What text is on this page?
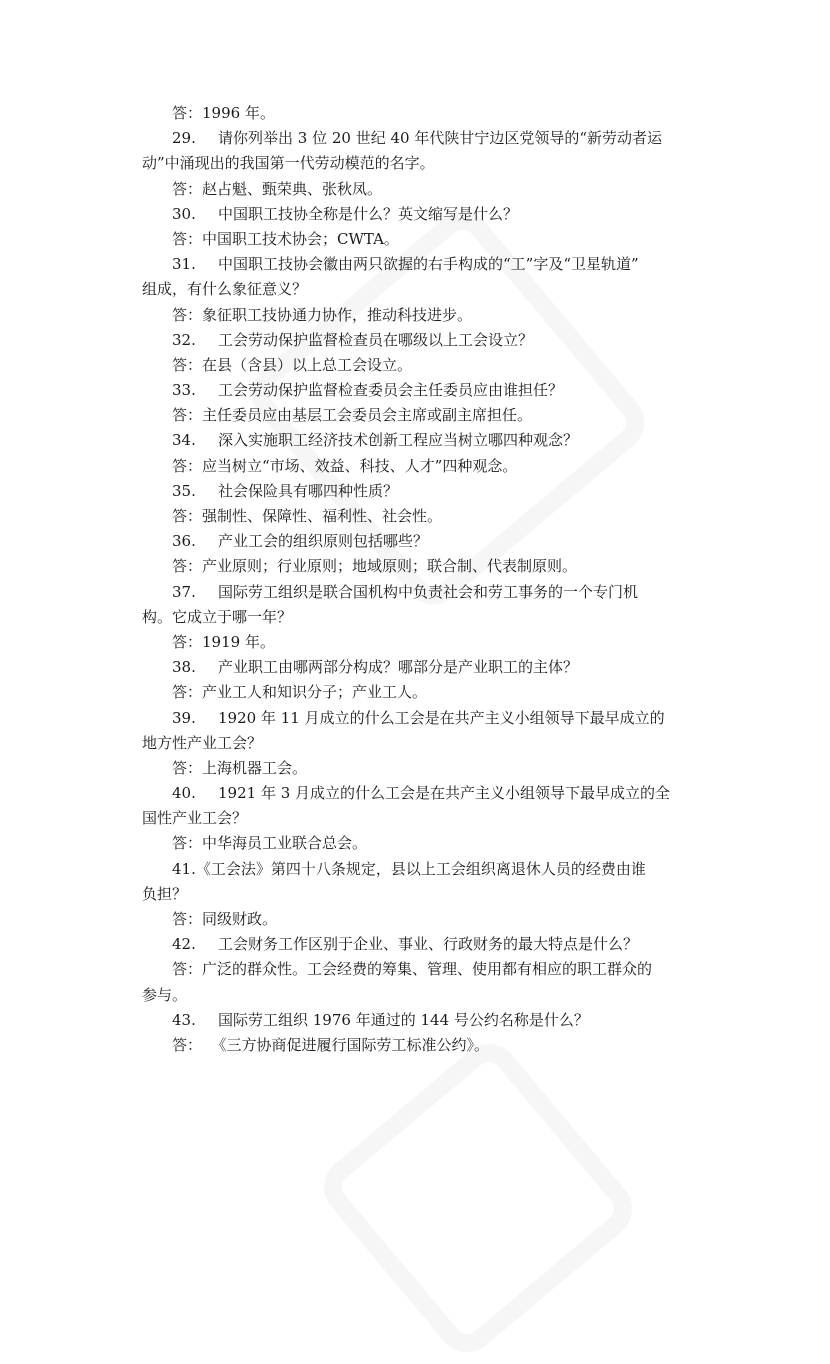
答：1996 年。
29. 请你列举出 3 位 20 世纪 40 年代陕甘宁边区党领导的“新劳动者运
动”中涌现出的我国第一代劳动模范的名字。
答：赵占魁、甄荣典、张秋凤。
30. 中国职工技协全称是什么？英文缩写是什么？
答：中国职工技术协会；CWTA。
31. 中国职工技协会徽由两只欲握的右手构成的“工”字及“卫星轨道”
组成，有什么象征意义？
答：象征职工技协通力协作，推动科技进步。
32. 工会劳动保护监督检查员在哪级以上工会设立？
答：在县（含县）以上总工会设立。
33. 工会劳动保护监督检查委员会主任委员应由谁担任？
答：主任委员应由基层工会委员会主席或副主席担任。
34. 深入实施职工经济技术创新工程应当树立哪四种观念？
答：应当树立“市场、效益、科技、人才”四种观念。
35. 社会保险具有哪四种性质？
答：强制性、保障性、福利性、社会性。
36. 产业工会的组织原则包括哪些？
答：产业原则；行业原则；地域原则；联合制、代表制原则。
37. 国际劳工组织是联合国机构中负责社会和劳工事务的一个专门机
构。它成立于哪一年？
答：1919 年。
38. 产业职工由哪两部分构成？哪部分是产业职工的主体？
答：产业工人和知识分子；产业工人。
39. 1920 年 11 月成立的什么工会是在共产主义小组领导下最早成立的
地方性产业工会？
答：上海机器工会。
40. 1921 年 3 月成立的什么工会是在共产主义小组领导下最早成立的全
国性产业工会？
答：中华海员工业联合总会。
41.《工会法》第四十八条规定，县以上工会组织离退休人员的经费由谁
负担？
答：同级财政。
42. 工会财务工作区别于企业、事业、行政财务的最大特点是什么？
答：广泛的群众性。工会经费的筹集、管理、使用都有相应的职工群众的
参与。
43. 国际劳工组织 1976 年通过的 144 号公约名称是什么？
答：  《三方协商促进履行国际劳工标准公约》。
